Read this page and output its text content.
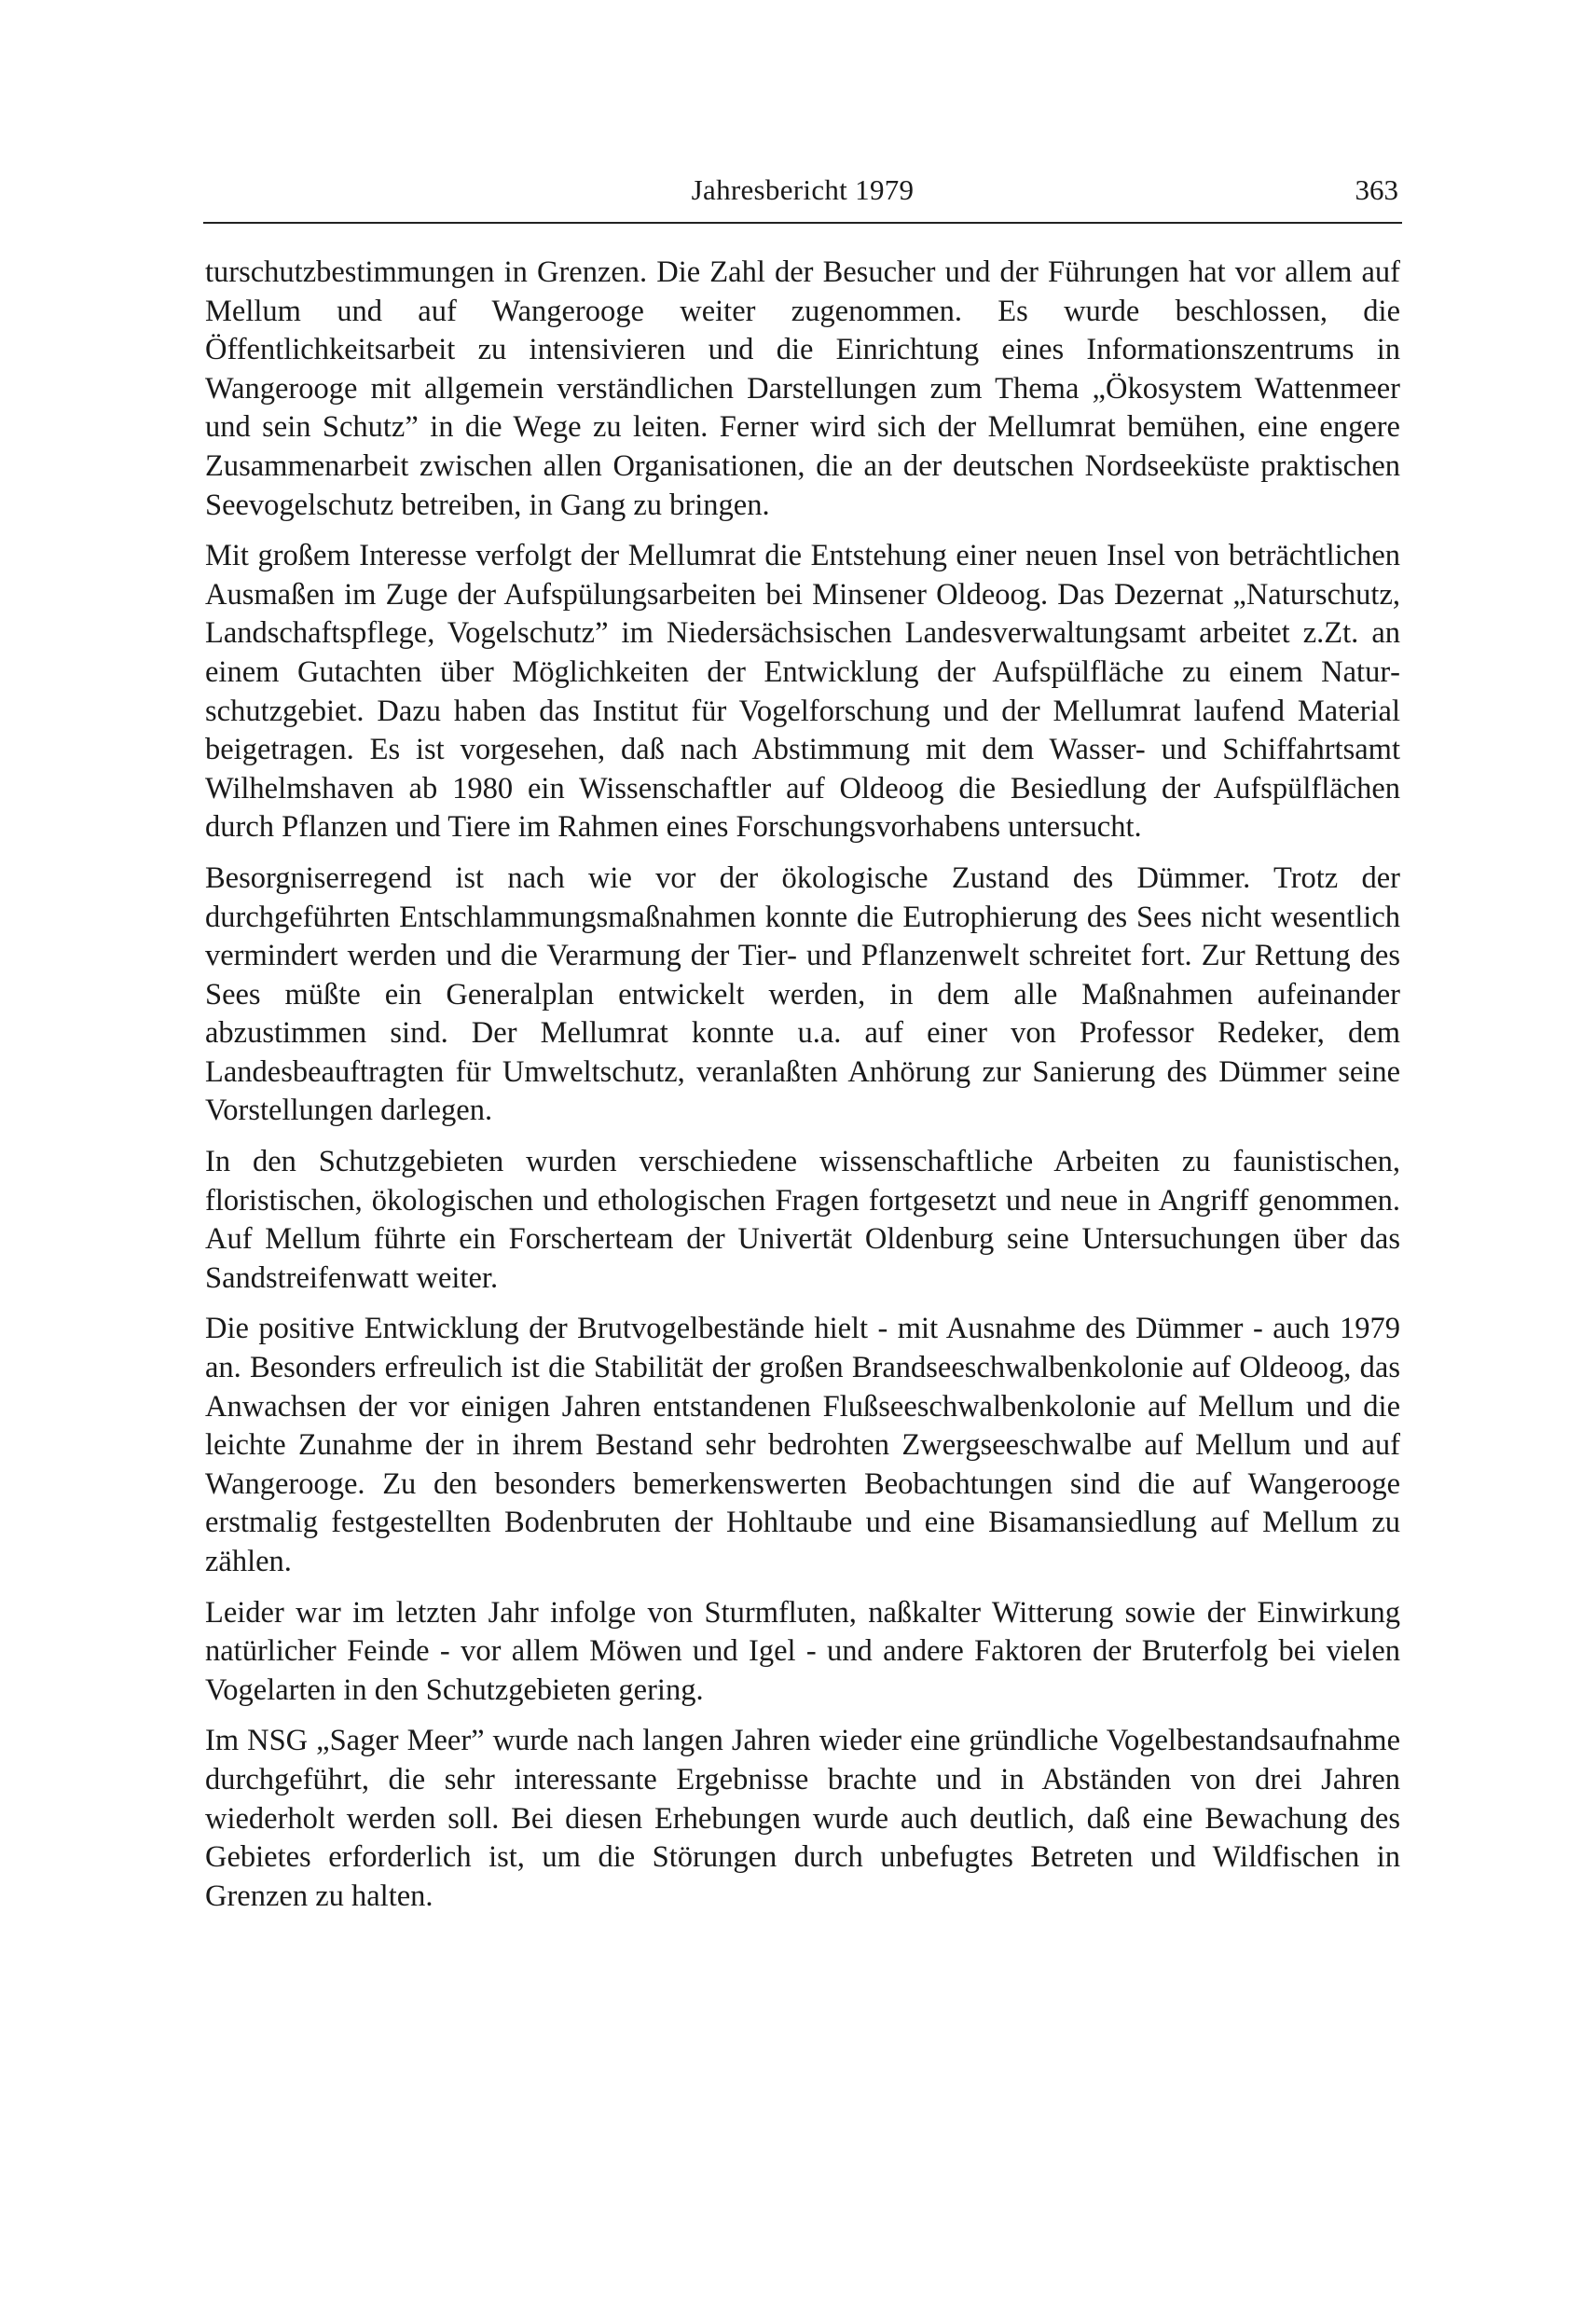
Jahresbericht 1979	363

turschutzbestimmungen in Grenzen. Die Zahl der Besucher und der Führungen hat vor allem auf Mellum und auf Wangerooge weiter zugenommen. Es wurde beschlossen, die Öffentlichkeitsarbeit zu intensivieren und die Einrichtung eines Informationszentrums in Wangerooge mit allgemein verständlichen Darstellungen zum Thema „Ökosystem Wattenmeer und sein Schutz” in die Wege zu leiten. Ferner wird sich der Mellumrat bemühen, eine engere Zusammenarbeit zwischen allen Organisationen, die an der deutschen Nordseeküste praktischen Seevogelschutz betreiben, in Gang zu bringen.

Mit großem Interesse verfolgt der Mellumrat die Entstehung einer neuen Insel von beträchtlichen Ausmaßen im Zuge der Aufspülungsarbeiten bei Minsener Oldeoog. Das Dezernat „Naturschutz, Landschaftspflege, Vogelschutz” im Niedersächsischen Landesverwaltungsamt arbeitet z.Zt. an einem Gutachten über Möglichkeiten der Entwicklung der Aufspülfläche zu einem Naturschutzgebiet. Dazu haben das Institut für Vogelforschung und der Mellumrat laufend Material beigetragen. Es ist vorgesehen, daß nach Abstimmung mit dem Wasser- und Schiffahrtsamt Wilhelmshaven ab 1980 ein Wissenschaftler auf Oldeoog die Besiedlung der Aufspülflächen durch Pflanzen und Tiere im Rahmen eines Forschungsvorhabens untersucht.

Besorgniserregend ist nach wie vor der ökologische Zustand des Dümmer. Trotz der durchgeführten Entschlammungsmaßnahmen konnte die Eutrophierung des Sees nicht wesentlich vermindert werden und die Verarmung der Tier- und Pflanzenwelt schreitet fort. Zur Rettung des Sees müßte ein Generalplan entwickelt werden, in dem alle Maßnahmen aufeinander abzustimmen sind. Der Mellumrat konnte u.a. auf einer von Professor Redeker, dem Landesbeauftragten für Umweltschutz, veranlaßten Anhörung zur Sanierung des Dümmer seine Vorstellungen darlegen.

In den Schutzgebieten wurden verschiedene wissenschaftliche Arbeiten zu faunistischen, floristischen, ökologischen und ethologischen Fragen fortgesetzt und neue in Angriff genommen. Auf Mellum führte ein Forscherteam der Univertät Oldenburg seine Untersuchungen über das Sandstreifenwatt weiter.

Die positive Entwicklung der Brutvogelbestände hielt - mit Ausnahme des Dümmer - auch 1979 an. Besonders erfreulich ist die Stabilität der großen Brandseeschwalbenkolonie auf Oldeoog, das Anwachsen der vor einigen Jahren entstandenen Flußseeschwalbenkolonie auf Mellum und die leichte Zunahme der in ihrem Bestand sehr bedrohten Zwergseeschwalbe auf Mellum und auf Wangerooge. Zu den besonders bemerkenswerten Beobachtungen sind die auf Wangerooge erstmalig festgestellten Bodenbruten der Hohltaube und eine Bisamansiedlung auf Mellum zu zählen.

Leider war im letzten Jahr infolge von Sturmfluten, naßkalter Witterung sowie der Einwirkung natürlicher Feinde - vor allem Möwen und Igel - und andere Faktoren der Bruterfolg bei vielen Vogelarten in den Schutzgebieten gering.

Im NSG „Sager Meer” wurde nach langen Jahren wieder eine gründliche Vogelbestandsaufnahme durchgeführt, die sehr interessante Ergebnisse brachte und in Abständen von drei Jahren wiederholt werden soll. Bei diesen Erhebungen wurde auch deutlich, daß eine Bewachung des Gebietes erforderlich ist, um die Störungen durch unbefugtes Betreten und Wildfischen in Grenzen zu halten.
